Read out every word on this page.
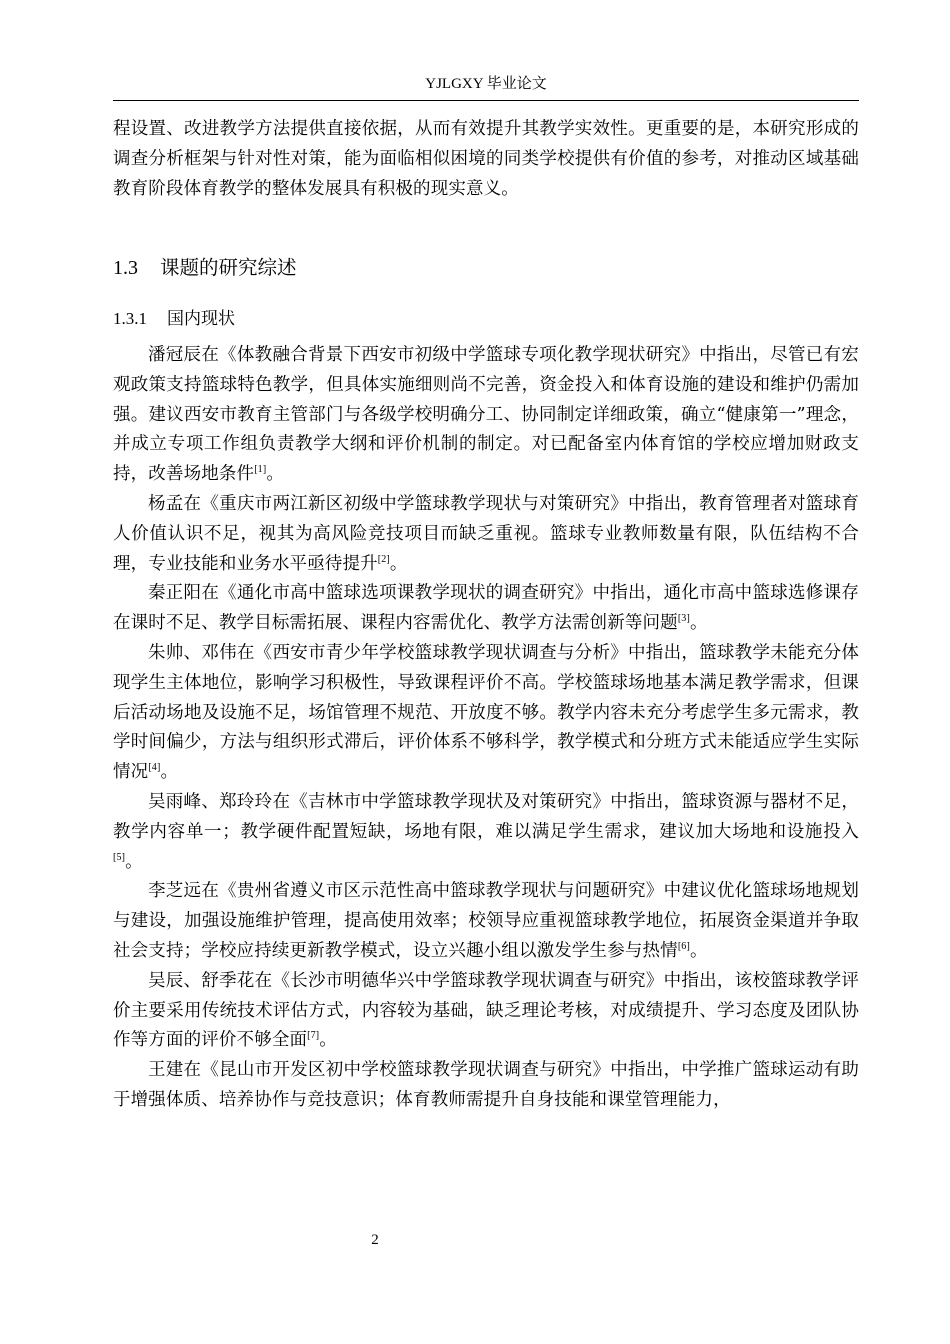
YJLGXY 毕业论文

程设置、改进教学方法提供直接依据，从而有效提升其教学实效性。更重要的是，本研究形成的调查分析框架与针对性对策，能为面临相似困境的同类学校提供有价值的参考，对推动区域基础教育阶段体育教学的整体发展具有积极的现实意义。

1.3 课题的研究综述
1.3.1 国内现状

潘冠辰在《体教融合背景下西安市初级中学篮球专项化教学现状研究》中指出，尽管已有宏观政策支持篮球特色教学，但具体实施细则尚不完善，资金投入和体育设施的建设和维护仍需加强。建议西安市教育主管部门与各级学校明确分工、协同制定详细政策，确立“健康第一”理念，并成立专项工作组负责教学大纲和评价机制的制定。对已配备室内体育馆的学校应增加财政支持，改善场地条件[1]。

杨孟在《重庆市两江新区初级中学篮球教学现状与对策研究》中指出，教育管理者对篮球育人价值认识不足，视其为高风险竞技项目而缺乏重视。篮球专业教师数量有限，队伍结构不合理，专业技能和业务水平亟待提升[2]。

秦正阳在《通化市高中篮球选项课教学现状的调查研究》中指出，通化市高中篮球选修课存在课时不足、教学目标需拓展、课程内容需优化、教学方法需创新等问题[3]。

朱帅、邓伟在《西安市青少年学校篮球教学现状调查与分析》中指出，篮球教学未能充分体现学生主体地位，影响学习积极性，导致课程评价不高。学校篮球场地基本满足教学需求，但课后活动场地及设施不足，场馆管理不规范、开放度不够。教学内容未充分考虑学生多元需求，教学时间偏少，方法与组织形式滞后，评价体系不够科学，教学模式和分班方式未能适应学生实际情况[4]。

吴雨峰、郑玲玲在《吉林市中学篮球教学现状及对策研究》中指出，篮球资源与器材不足，教学内容单一；教学硬件配置短缺，场地有限，难以满足学生需求，建议加大场地和设施投入[5]。

李芝远在《贵州省遵义市区示范性高中篮球教学现状与问题研究》中建议优化篮球场地规划与建设，加强设施维护管理，提高使用效率；校领导应重视篮球教学地位，拓展资金渠道并争取社会支持；学校应持续更新教学模式，设立兴趣小组以激发学生参与热情[6]。

吴辰、舒季花在《长沙市明德华兴中学篮球教学现状调查与研究》中指出，该校篮球教学评价主要采用传统技术评估方式，内容较为基础，缺乏理论考核，对成绩提升、学习态度及团队协作等方面的评价不够全面[7]。

王建在《昆山市开发区初中学校篮球教学现状调查与研究》中指出，中学推广篮球运动有助于增强体质、培养协作与竞技意识；体育教师需提升自身技能和课堂管理能力，

2
